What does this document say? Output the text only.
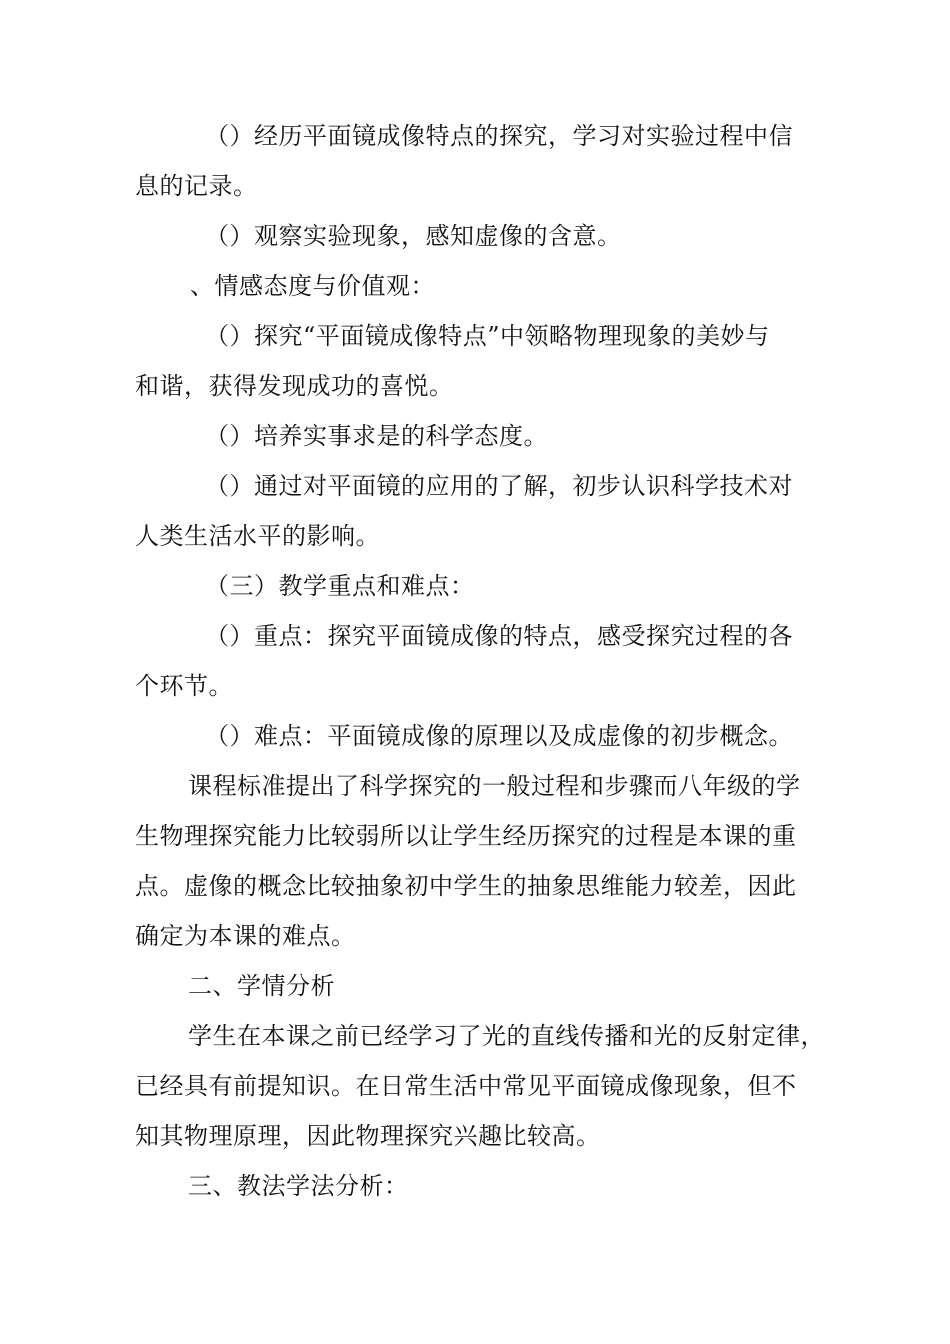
（）经历平面镜成像特点的探究，学习对实验过程中信
息的记录。
（）观察实验现象，感知虚像的含意。
、情感态度与价值观：
（）探究“平面镜成像特点”中领略物理现象的美妙与
和谐，获得发现成功的喜悦。
（）培养实事求是的科学态度。
（）通过对平面镜的应用的了解，初步认识科学技术对
人类生活水平的影响。
（三）教学重点和难点：
（）重点：探究平面镜成像的特点，感受探究过程的各
个环节。
（）难点：平面镜成像的原理以及成虚像的初步概念。
课程标准提出了科学探究的一般过程和步骤而八年级的学
生物理探究能力比较弱所以让学生经历探究的过程是本课的重
点。虚像的概念比较抽象初中学生的抽象思维能力较差，因此
确定为本课的难点。
二、学情分析
学生在本课之前已经学习了光的直线传播和光的反射定律，
已经具有前提知识。在日常生活中常见平面镜成像现象，但不
知其物理原理，因此物理探究兴趣比较高。
三、教法学法分析：
